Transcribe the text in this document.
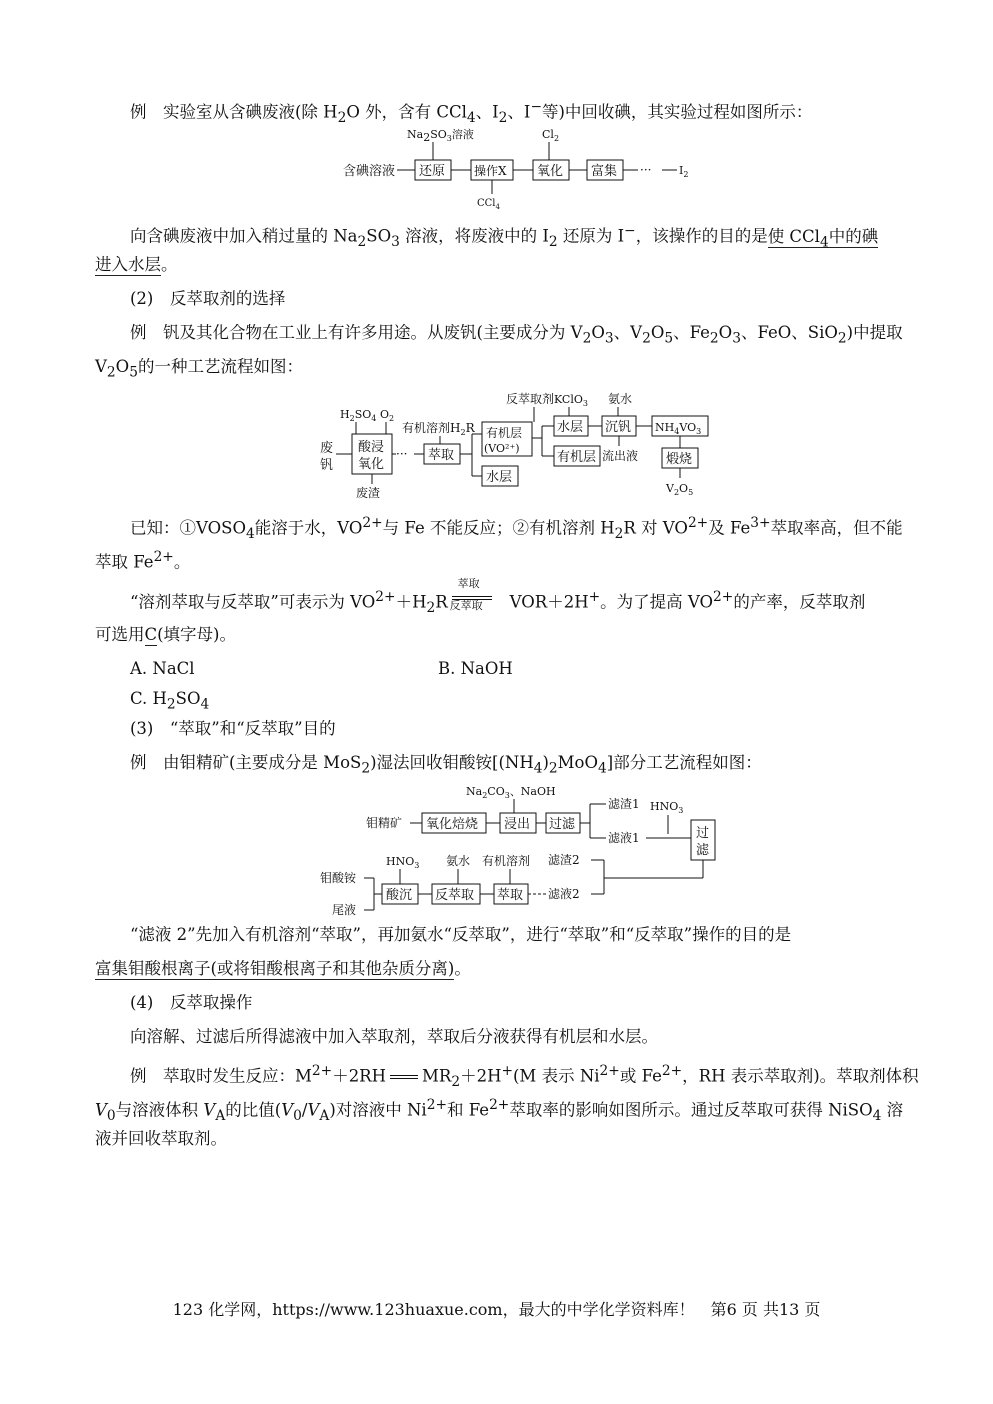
例　实验室从含碘废液(除 $H_2O$ 外，含有 CCl$_4$、$I_2$、I−等)中回收碘，其实验过程如图所示：
$Na2SO_3$溶液	$Cl_2$
含碘溶液 还原 操作X
CCl$_4$
氧化 富集 ···	$I_2$
向含碘废液中加入稍过量的 $Na_2SO_3$ 溶液，将废液中的 $I_2$ 还原为 I−，该操作的目的是使 CCl$_4$中的碘
进入水层。
(2)　反萃取剂的选择
例　钒及其化合物在工业上有许多用途。从废钒(主要成分为 $V_2O_3$、$V_2O_5$、$Fe_2O_3$、FeO、SiO$_2$)中提取
$V_2O_5$的一种工艺流程如图：
反萃取剂 KClO$_3$ 氨水
$H_2SO_4$ $O_2$
有机溶剂$H_2R$
废
钒
酸浸
氧化
废渣
··· 萃取
有机层
(VO²⁺)
水层
水层
有机层
沉钒
流出液
$NH_4VO_3$
煅烧
$V_2O_5$
已知：$①VOSO_4$能溶于水，$VO^{2+}$与 Fe 不能反应；②有机溶剂 $H_2R$ 对 $VO^{2+}$及 $Fe^{3+}$萃取率高，但不能
萃取 $Fe^{2+}$。
“溶剂萃取与反萃取”可表示为 $VO^{2+}+H_2R$
萃取
反萃取 VOR＋2H+。为了提高 $VO^{2+}$的产率，反萃取剂
可选用C(填字母)。
A. NaCl	B. NaOH
C. $H_2SO_4$
(3)　“萃取”和“反萃取”目的
例　由钼精矿(主要成分是 MoS$_2$)湿法回收钼酸铵$[(NH_4)_2MoO_4]$部分工艺流程如图：
$Na_2CO_3$、NaOH
钼精矿 氧化焙烧 浸出 过滤
滤渣1
滤液1
$HNO_3$
过
滤
滤渣2
滤液2
$HNO_3$ 氨水 有机溶剂
萃取
反萃取
酸沉
钼酸铵
尾液
“滤液 2”先加入有机溶剂“萃取”，再加氨水“反萃取”，进行“萃取”和“反萃取”操作的目的是
富集钼酸根离子(或将钼酸根离子和其他杂质分离)。
(4)　反萃取操作
向溶解、过滤后所得滤液中加入萃取剂，萃取后分液获得有机层和水层。
例　萃取时发生反应：$M^{2+}+2RH$ $MR_2+2H^+(M$ 表示 $Ni^{2+}$或 $Fe^{2+}$，RH 表示萃取剂)。萃取剂体积
$V_0$与溶液体积 $V_A$的比值$(V_0/V_A)$对溶液中 $Ni^{2+}$和 $Fe^{2+}$萃取率的影响如图所示。通过反萃取可获得 NiSO$_4$ 溶
液并回收萃取剂。
123 化学网，https://www.123huaxue.com，最大的中学化学资料库！　第6 页 共13 页
